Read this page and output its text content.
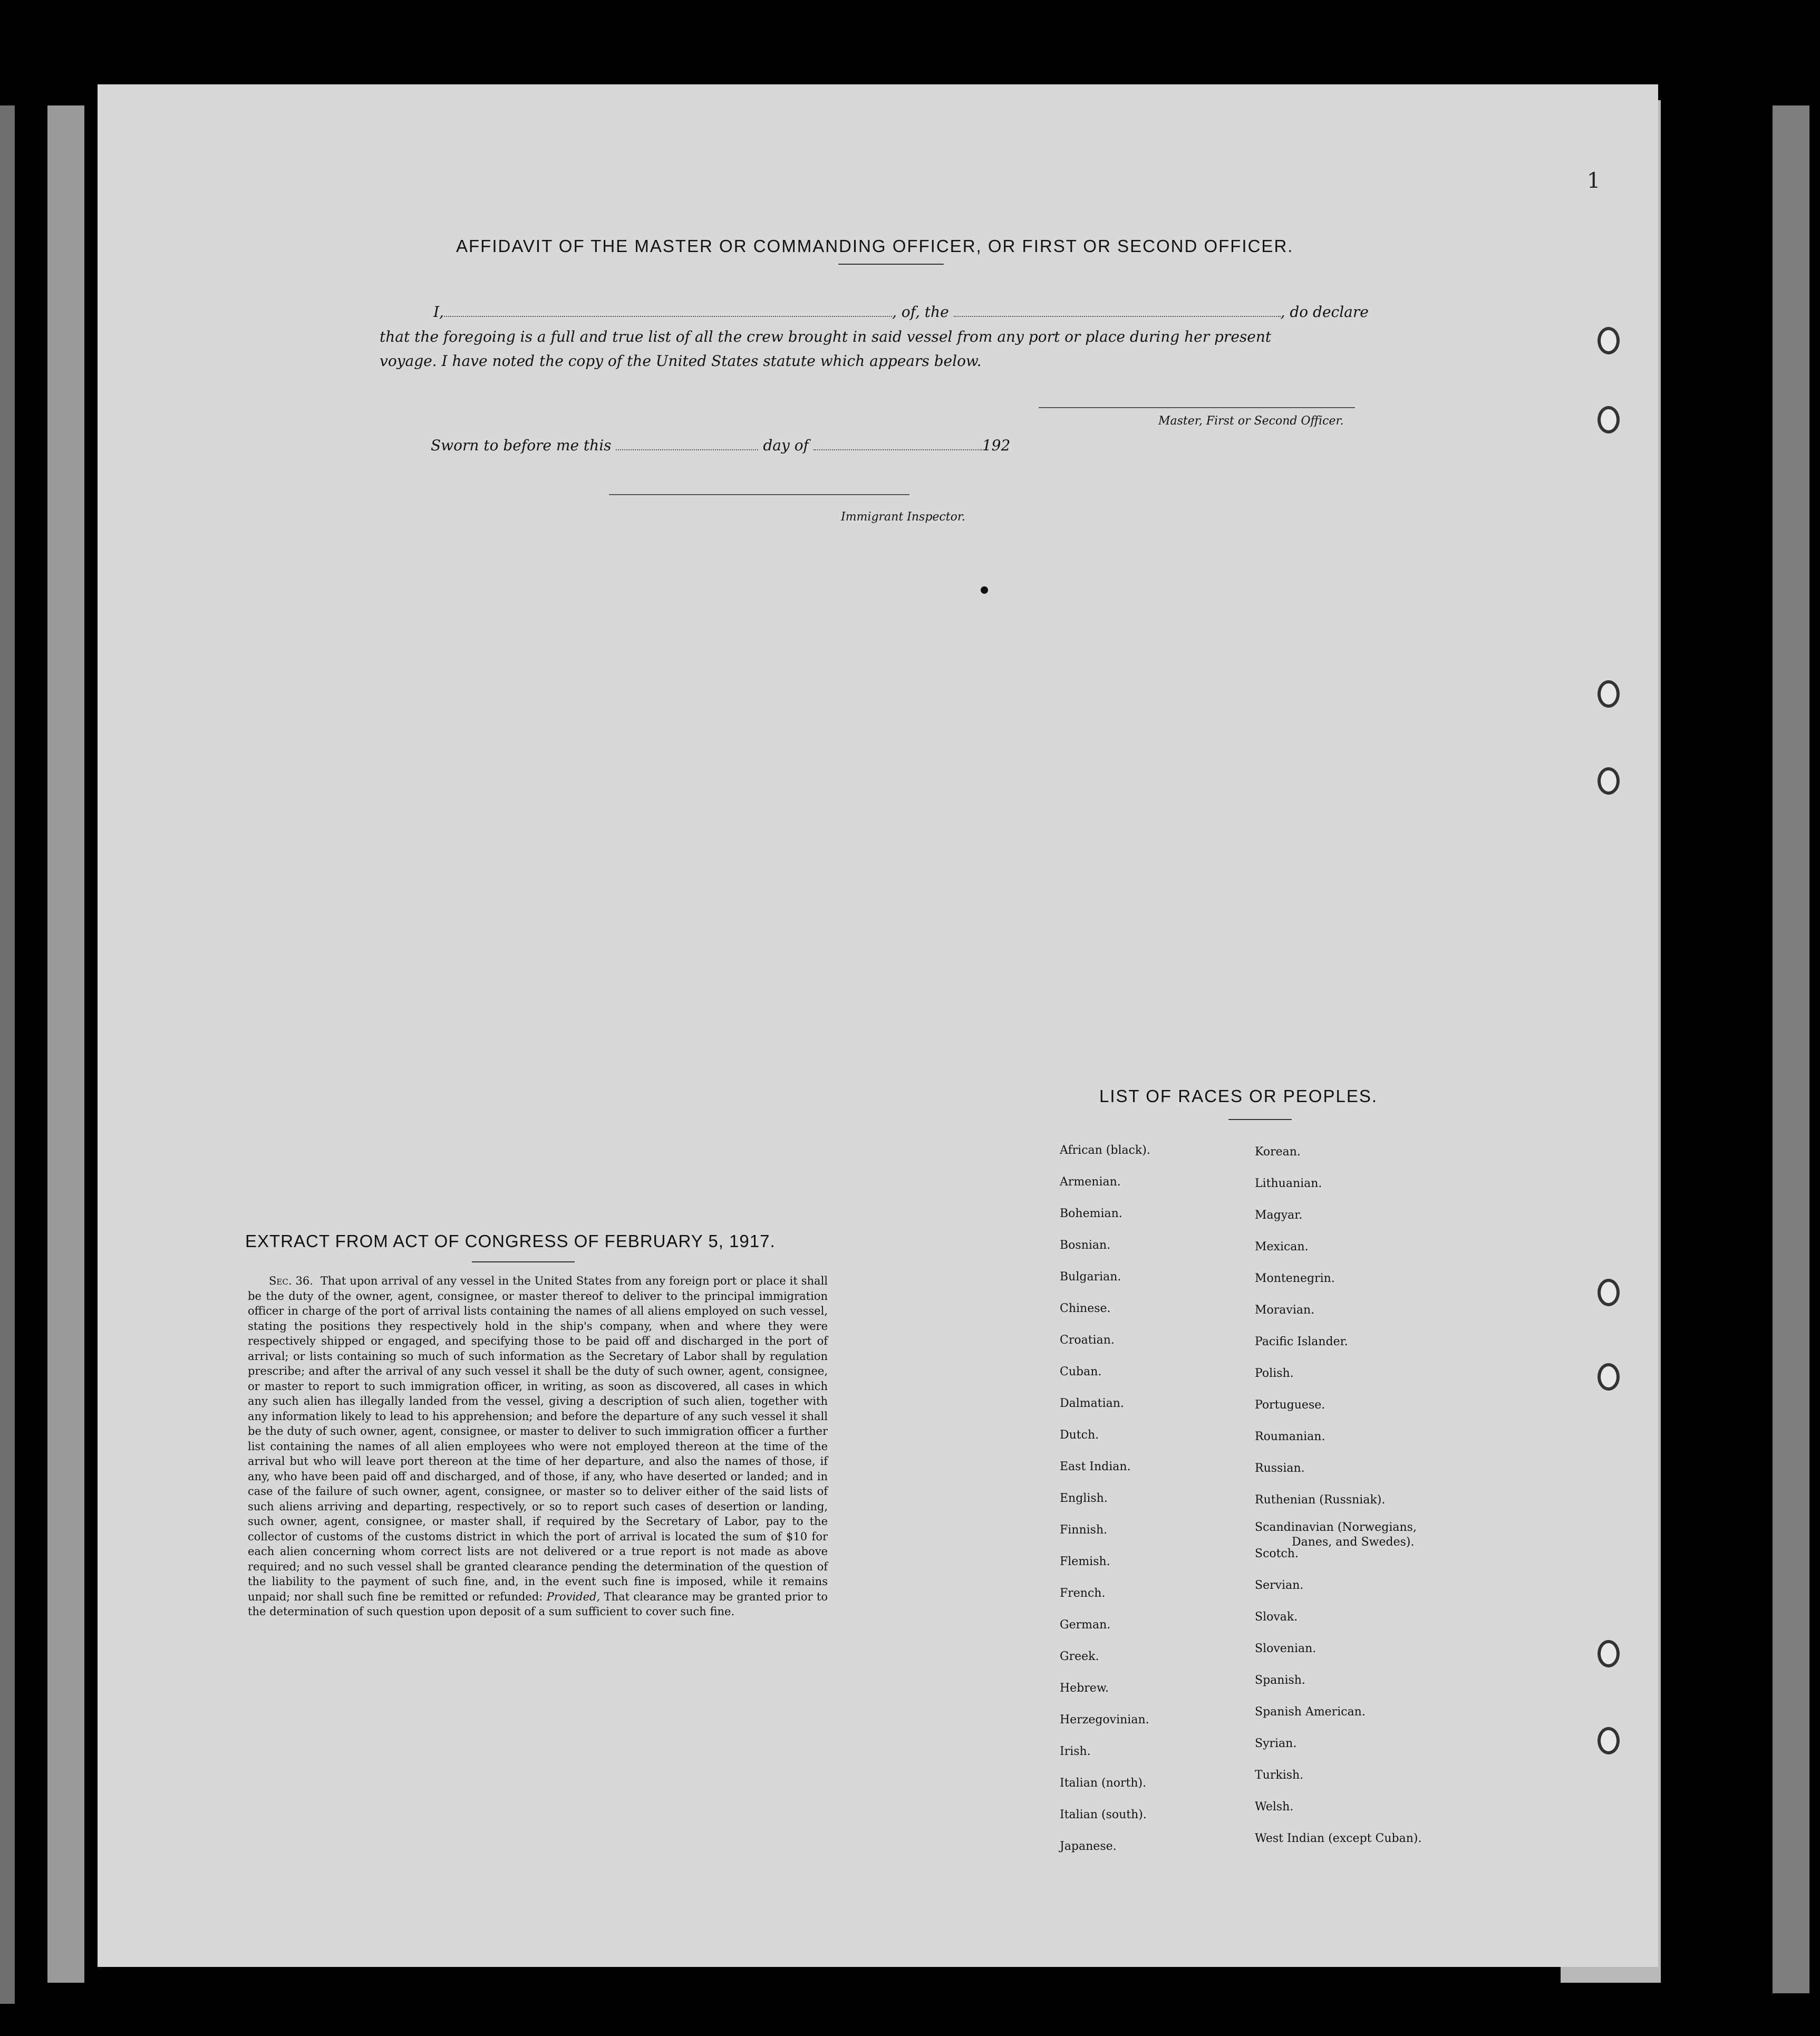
1
AFFIDAVIT OF THE MASTER OR COMMANDING OFFICER, OR FIRST OR SECOND OFFICER.
I,	, of, the	, do declare
that the foregoing is a full and true list of all the crew brought in said vessel from any port or place during her present
voyage. I have noted the copy of the United States statute which appears below.
Master, First or Second Officer.
Sworn to before me this	day of	192
Immigrant Inspector.
EXTRACT FROM ACT OF CONGRESS OF FEBRUARY 5, 1917.
Sec. 36. That upon arrival of any vessel in the United States from any foreign port or place it shall be the duty of the owner, agent, consignee, or master thereof to deliver to the principal immigration officer in charge of the port of arrival lists containing the names of all aliens employed on such vessel, stating the positions they respectively hold in the ship's company, when and where they were respectively shipped or engaged, and specifying those to be paid off and discharged in the port of arrival; or lists containing so much of such information as the Secretary of Labor shall by regulation prescribe; and after the arrival of any such vessel it shall be the duty of such owner, agent, consignee, or master to report to such immigration officer, in writing, as soon as discovered, all cases in which any such alien has illegally landed from the vessel, giving a description of such alien, together with any information likely to lead to his apprehension; and before the departure of any such vessel it shall be the duty of such owner, agent, consignee, or master to deliver to such immigration officer a further list containing the names of all alien employees who were not employed thereon at the time of the arrival but who will leave port thereon at the time of her departure, and also the names of those, if any, who have been paid off and discharged, and of those, if any, who have deserted or landed; and in case of the failure of such owner, agent, consignee, or master so to deliver either of the said lists of such aliens arriving and departing, respectively, or so to report such cases of desertion or landing, such owner, agent, consignee, or master shall, if required by the Secretary of Labor, pay to the collector of customs of the customs district in which the port of arrival is located the sum of $10 for each alien concerning whom correct lists are not delivered or a true report is not made as above required; and no such vessel shall be granted clearance pending the determination of the question of the liability to the payment of such fine, and, in the event such fine is imposed, while it remains unpaid; nor shall such fine be remitted or refunded: Provided, That clearance may be granted prior to the determination of such question upon deposit of a sum sufficient to cover such fine.
LIST OF RACES OR PEOPLES.
African (black).
Armenian.
Bohemian.
Bosnian.
Bulgarian.
Chinese.
Croatian.
Cuban.
Dalmatian.
Dutch.
East Indian.
English.
Finnish.
Flemish.
French.
German.
Greek.
Hebrew.
Herzegovinian.
Irish.
Italian (north).
Italian (south).
Japanese.
Korean.
Lithuanian.
Magyar.
Mexican.
Montenegrin.
Moravian.
Pacific Islander.
Polish.
Portuguese.
Roumanian.
Russian.
Ruthenian (Russniak).
Scandinavian (Norwegians,
Danes, and Swedes).
Scotch.
Servian.
Slovak.
Slovenian.
Spanish.
Spanish American.
Syrian.
Turkish.
Welsh.
West Indian (except Cuban).
